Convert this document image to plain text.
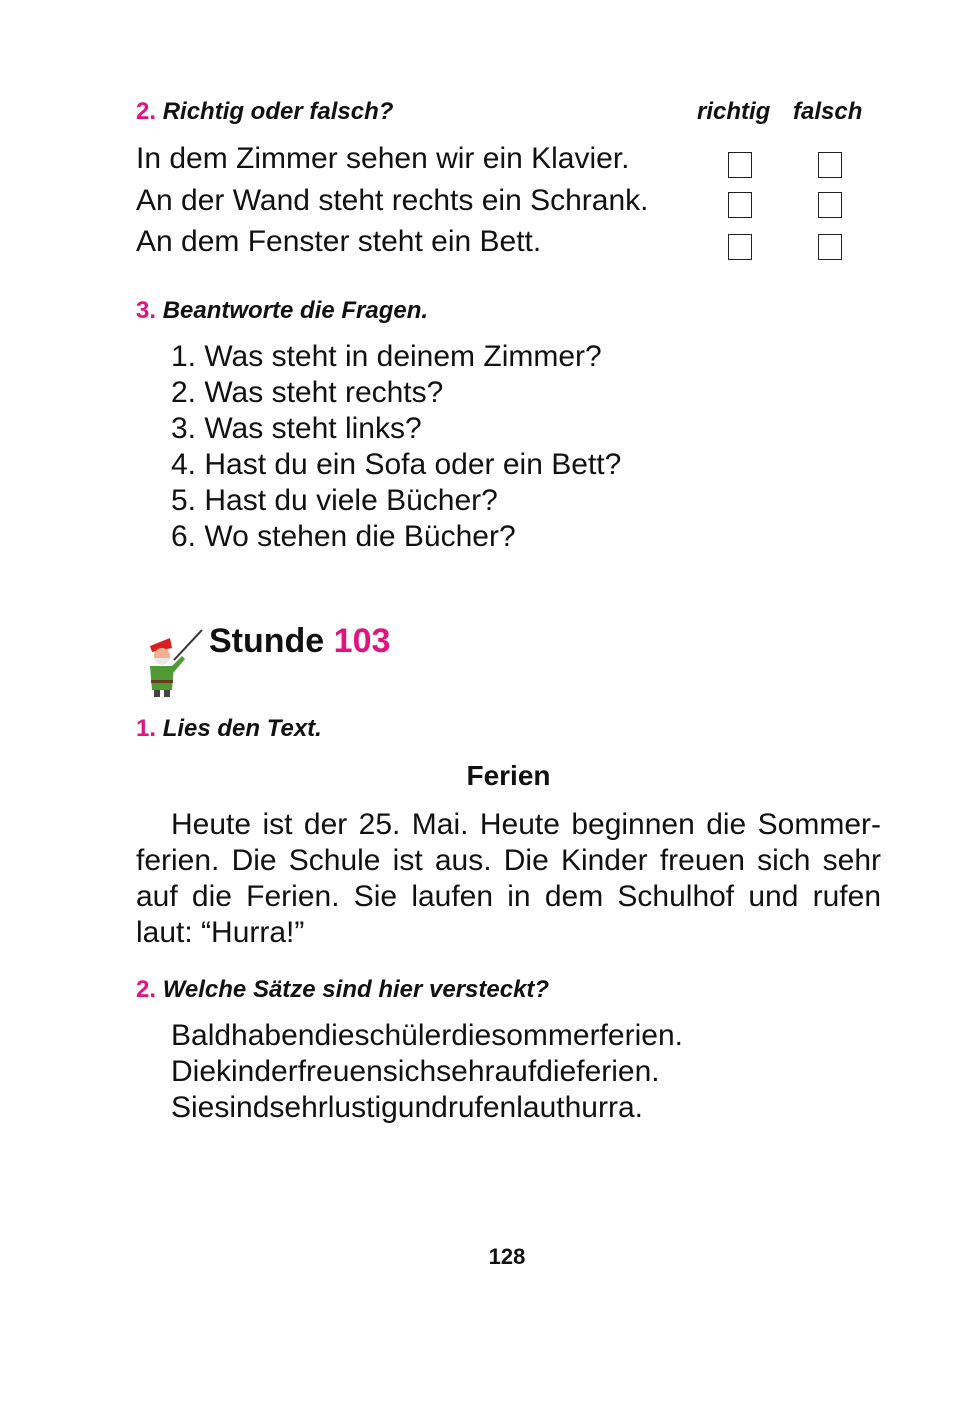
2. Richtig oder falsch?	richtig falsch
In dem Zimmer sehen wir ein Klavier.
An der Wand steht rechts ein Schrank.
An dem Fenster steht ein Bett.
3. Beantworte die Fragen.
1. Was steht in deinem Zimmer?
2. Was steht rechts?
3. Was steht links?
4. Hast du ein Sofa oder ein Bett?
5. Hast du viele Bücher?
6. Wo stehen die Bücher?
Stunde 103
1. Lies den Text.
Ferien
Heute ist der 25. Mai. Heute beginnen die Sommer-ferien. Die Schule ist aus. Die Kinder freuen sich sehr auf die Ferien. Sie laufen in dem Schulhof und rufen laut: “Hurra!”
2. Welche Sätze sind hier versteckt?
Baldhabendieschülerdiesommerferien.
Diekinderfreuensichsehraufdieferien.
Siesindsehrlustigundrufenlauthurra.
128
